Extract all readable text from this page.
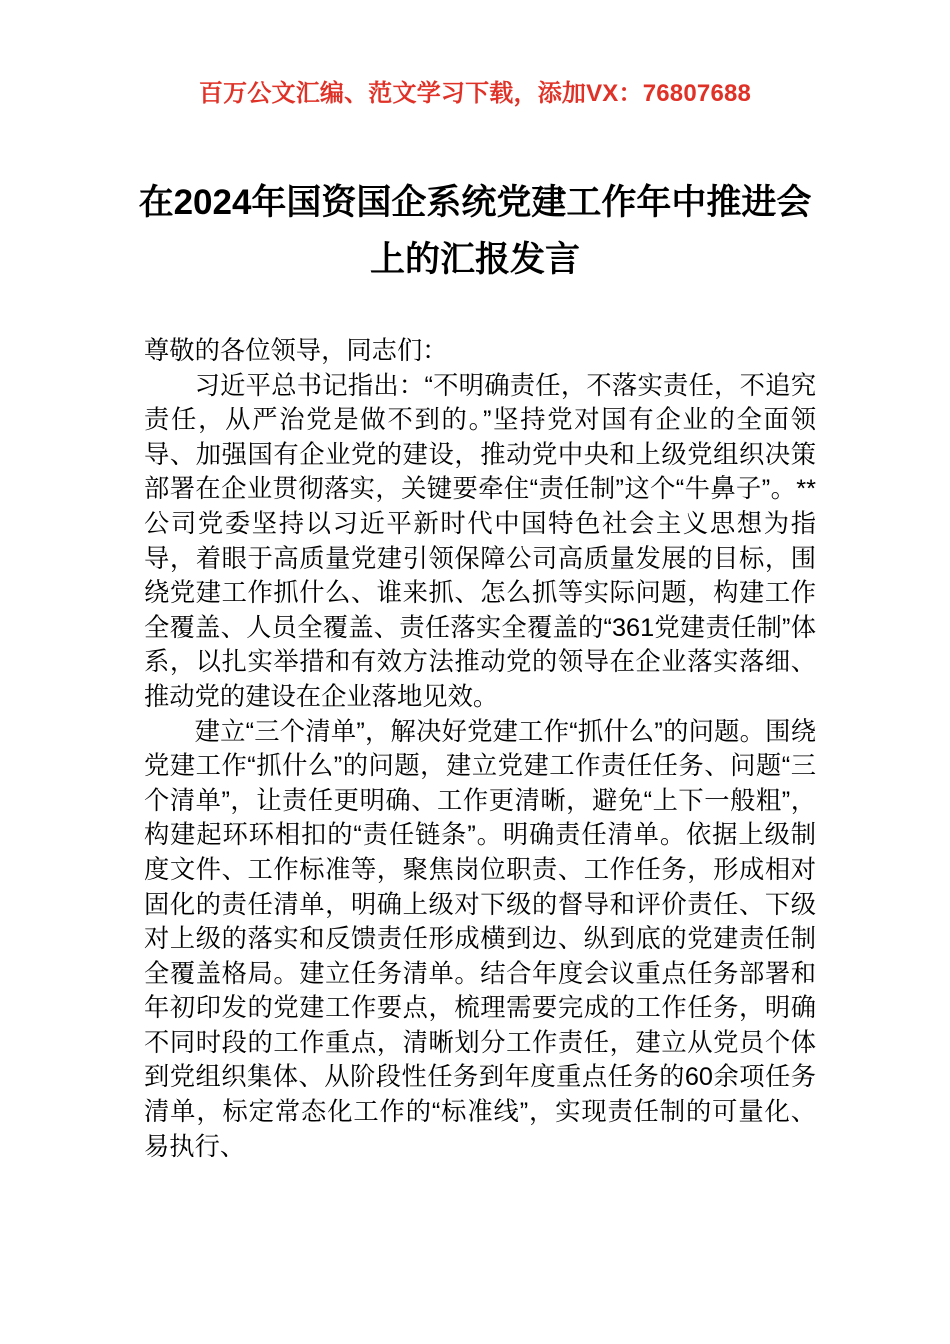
百万公文汇编、范文学习下载，添加VX：76807688
在2024年国资国企系统党建工作年中推进会上的汇报发言

尊敬的各位领导，同志们：

习近平总书记指出：“不明确责任，不落实责任，不追究责任，从严治党是做不到的。”坚持党对国有企业的全面领导、加强国有企业党的建设，推动党中央和上级党组织决策部署在企业贯彻落实，关键要牵住“责任制”这个“牛鼻子”。**公司党委坚持以习近平新时代中国特色社会主义思想为指导，着眼于高质量党建引领保障公司高质量发展的目标，围绕党建工作抓什么、谁来抓、怎么抓等实际问题，构建工作全覆盖、人员全覆盖、责任落实全覆盖的“361党建责任制”体系，以扎实举措和有效方法推动党的领导在企业落实落细、推动党的建设在企业落地见效。

建立“三个清单”，解决好党建工作“抓什么”的问题。围绕党建工作“抓什么”的问题，建立党建工作责任任务、问题“三个清单”，让责任更明确、工作更清晰，避免“上下一般粗”，构建起环环相扣的“责任链条”。明确责任清单。依据上级制度文件、工作标准等，聚焦岗位职责、工作任务，形成相对固化的责任清单，明确上级对下级的督导和评价责任、下级对上级的落实和反馈责任形成横到边、纵到底的党建责任制全覆盖格局。建立任务清单。结合年度会议重点任务部署和年初印发的党建工作要点，梳理需要完成的工作任务，明确不同时段的工作重点，清晰划分工作责任，建立从党员个体到党组织集体、从阶段性任务到年度重点任务的60余项任务清单，标定常态化工作的“标准线”，实现责任制的可量化、易执行、
